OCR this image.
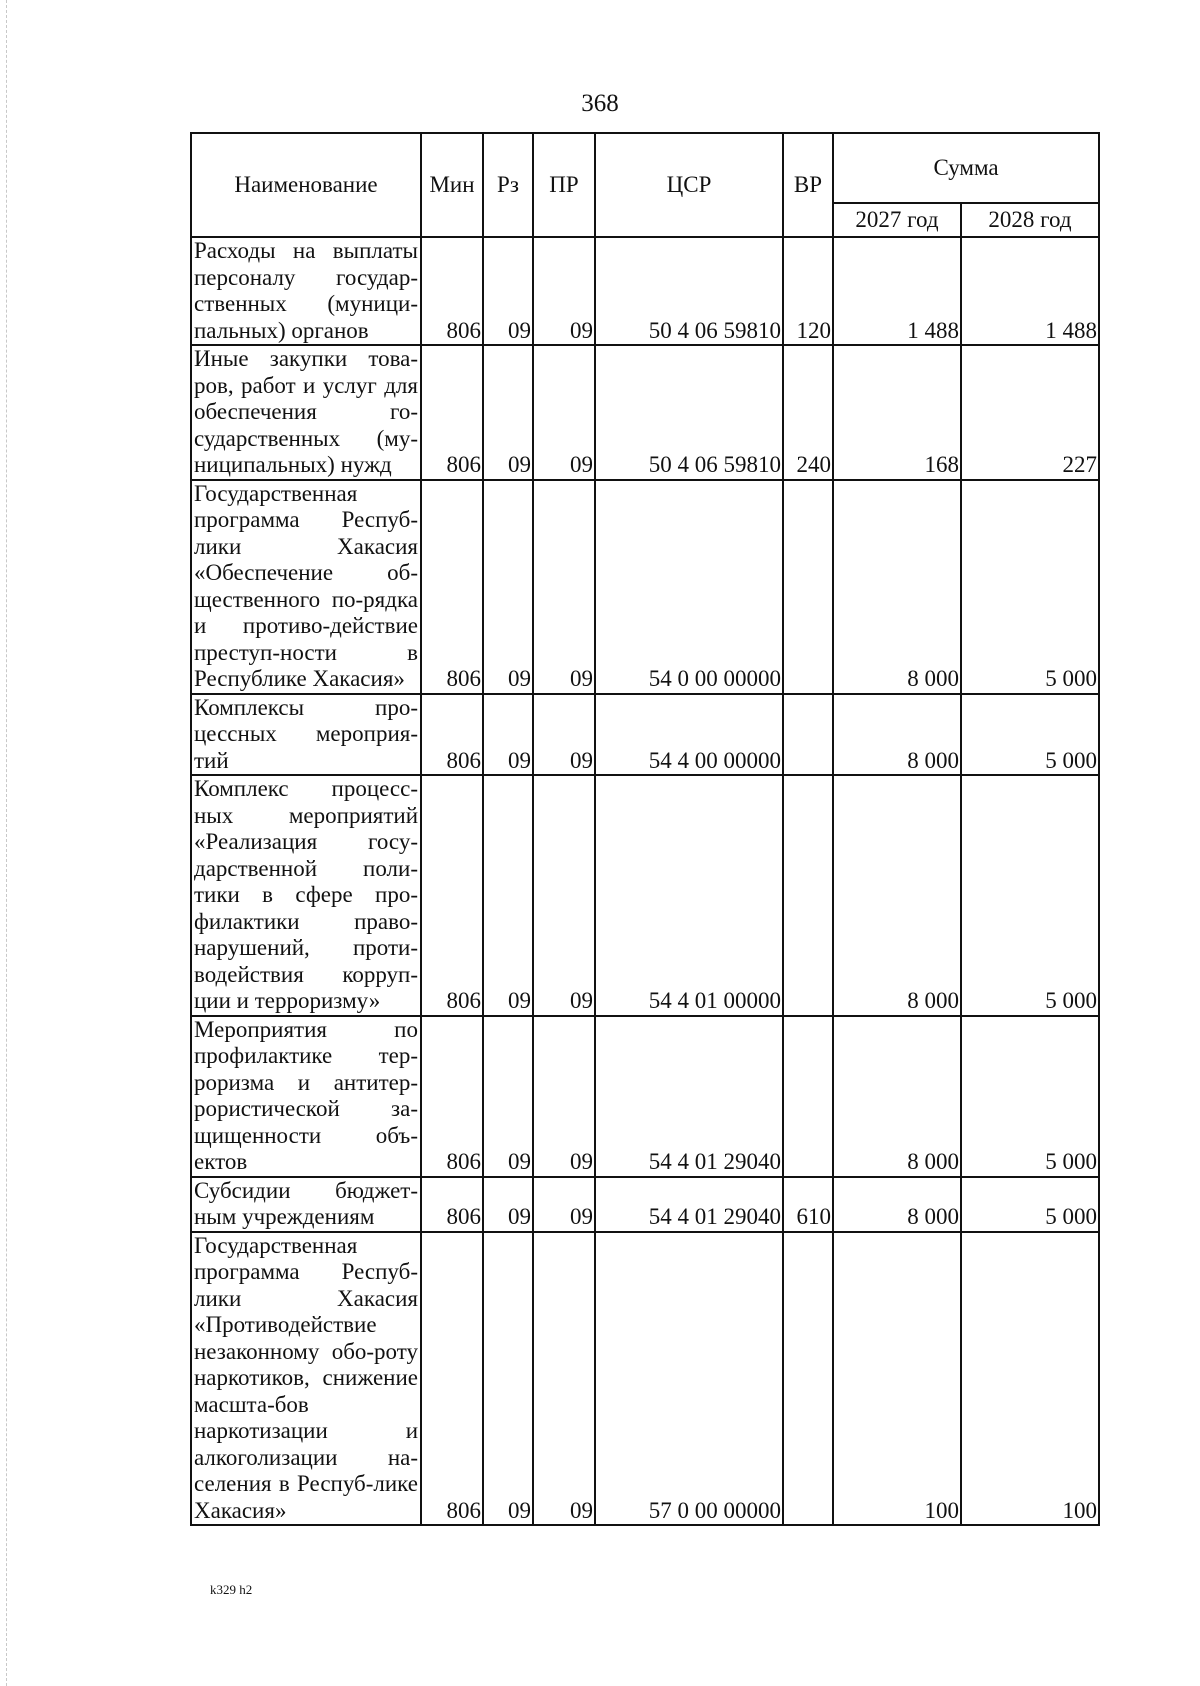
368
Наименование	Мин	Рз	ПР	ЦСР	ВР	Сумма	
						2027 год	2028 год
Расходы на выплаты персоналу государ-ственных (муници-пальных) органов	806	09	09	50 4 06 59810	120	1 488	1 488
Иные закупки това-ров, работ и услуг для обеспечения го-сударственных (му-ниципальных) нужд	806	09	09	50 4 06 59810	240	168	227
Государственная программа Респуб-лики Хакасия «Обеспечение об-щественного по-рядка и противо-действие преступ-ности в Республике Хакасия»	806	09	09	54 0 00 00000		8 000	5 000
Комплексы про-цессных мероприя-тий	806	09	09	54 4 00 00000		8 000	5 000
Комплекс процесс-ных мероприятий «Реализация госу-дарственной поли-тики в сфере про-филактики право-нарушений, проти-водействия корруп-ции и терроризму»	806	09	09	54 4 01 00000		8 000	5 000
Мероприятия по профилактике тер-роризма и антитер-рористической за-щищенности объ-ектов	806	09	09	54 4 01 29040		8 000	5 000
Субсидии бюджет-ным учреждениям	806	09	09	54 4 01 29040	610	8 000	5 000
Государственная программа Респуб-лики Хакасия «Противодействие незаконному обо-роту наркотиков, снижение масшта-бов наркотизации и алкоголизации на-селения в Респуб-лике Хакасия»	806	09	09	57 0 00 00000		100	100
k329 h2
